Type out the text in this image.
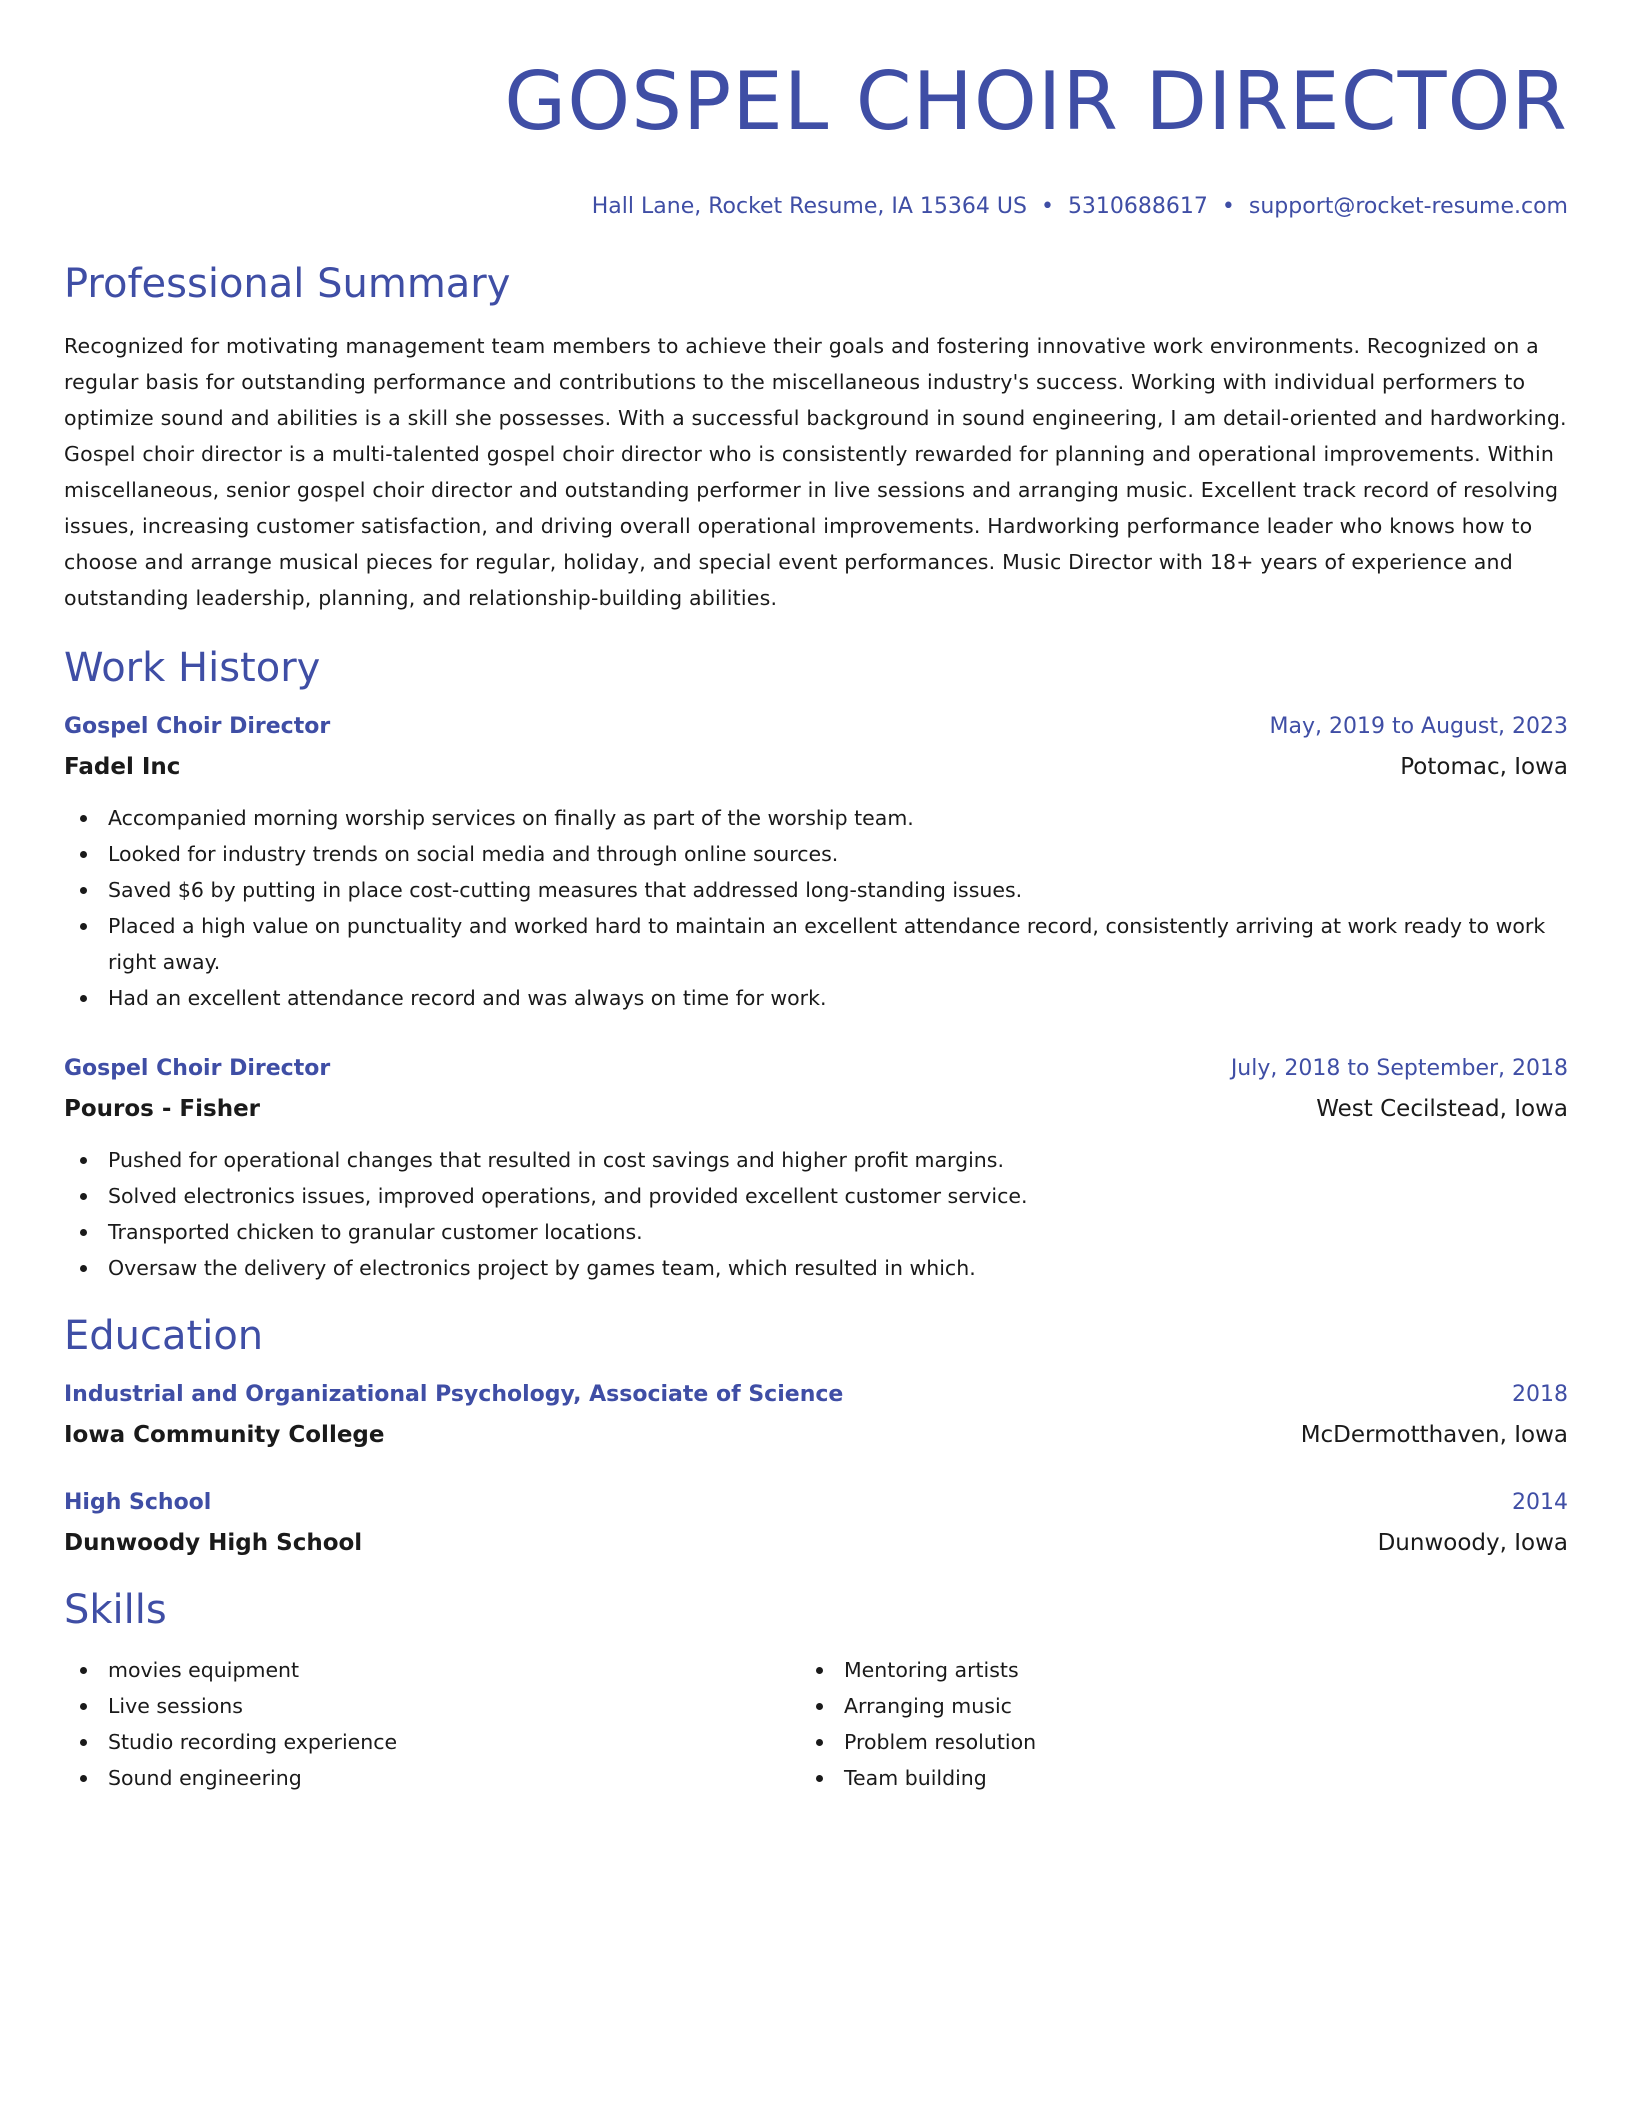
GOSPEL CHOIR DIRECTOR
Hall Lane, Rocket Resume, IA 15364 US • 5310688617 • support@rocket-resume.com
Professional Summary

Recognized for motivating management team members to achieve their goals and fostering innovative work environments. Recognized on a regular basis for outstanding performance and contributions to the miscellaneous industry's success. Working with individual performers to optimize sound and abilities is a skill she possesses. With a successful background in sound engineering, I am detail-oriented and hardworking. Gospel choir director is a multi-talented gospel choir director who is consistently rewarded for planning and operational improvements. Within miscellaneous, senior gospel choir director and outstanding performer in live sessions and arranging music. Excellent track record of resolving issues, increasing customer satisfaction, and driving overall operational improvements. Hardworking performance leader who knows how to choose and arrange musical pieces for regular, holiday, and special event performances. Music Director with 18+ years of experience and outstanding leadership, planning, and relationship-building abilities.

Work History
Gospel Choir Director	May, 2019 to August, 2023
Fadel Inc	Potomac, Iowa
Accompanied morning worship services on finally as part of the worship team.
Looked for industry trends on social media and through online sources.
Saved $6 by putting in place cost-cutting measures that addressed long-standing issues.
Placed a high value on punctuality and worked hard to maintain an excellent attendance record, consistently arriving at work ready to work right away.
Had an excellent attendance record and was always on time for work.
Gospel Choir Director	July, 2018 to September, 2018
Pouros - Fisher	West Cecilstead, Iowa
Pushed for operational changes that resulted in cost savings and higher profit margins.
Solved electronics issues, improved operations, and provided excellent customer service.
Transported chicken to granular customer locations.
Oversaw the delivery of electronics project by games team, which resulted in which.
Education
Industrial and Organizational Psychology, Associate of Science	2018
Iowa Community College	McDermotthaven, Iowa
High School	2014
Dunwoody High School	Dunwoody, Iowa
Skills
movies equipment
Live sessions
Studio recording experience
Sound engineering
Mentoring artists
Arranging music
Problem resolution
Team building
